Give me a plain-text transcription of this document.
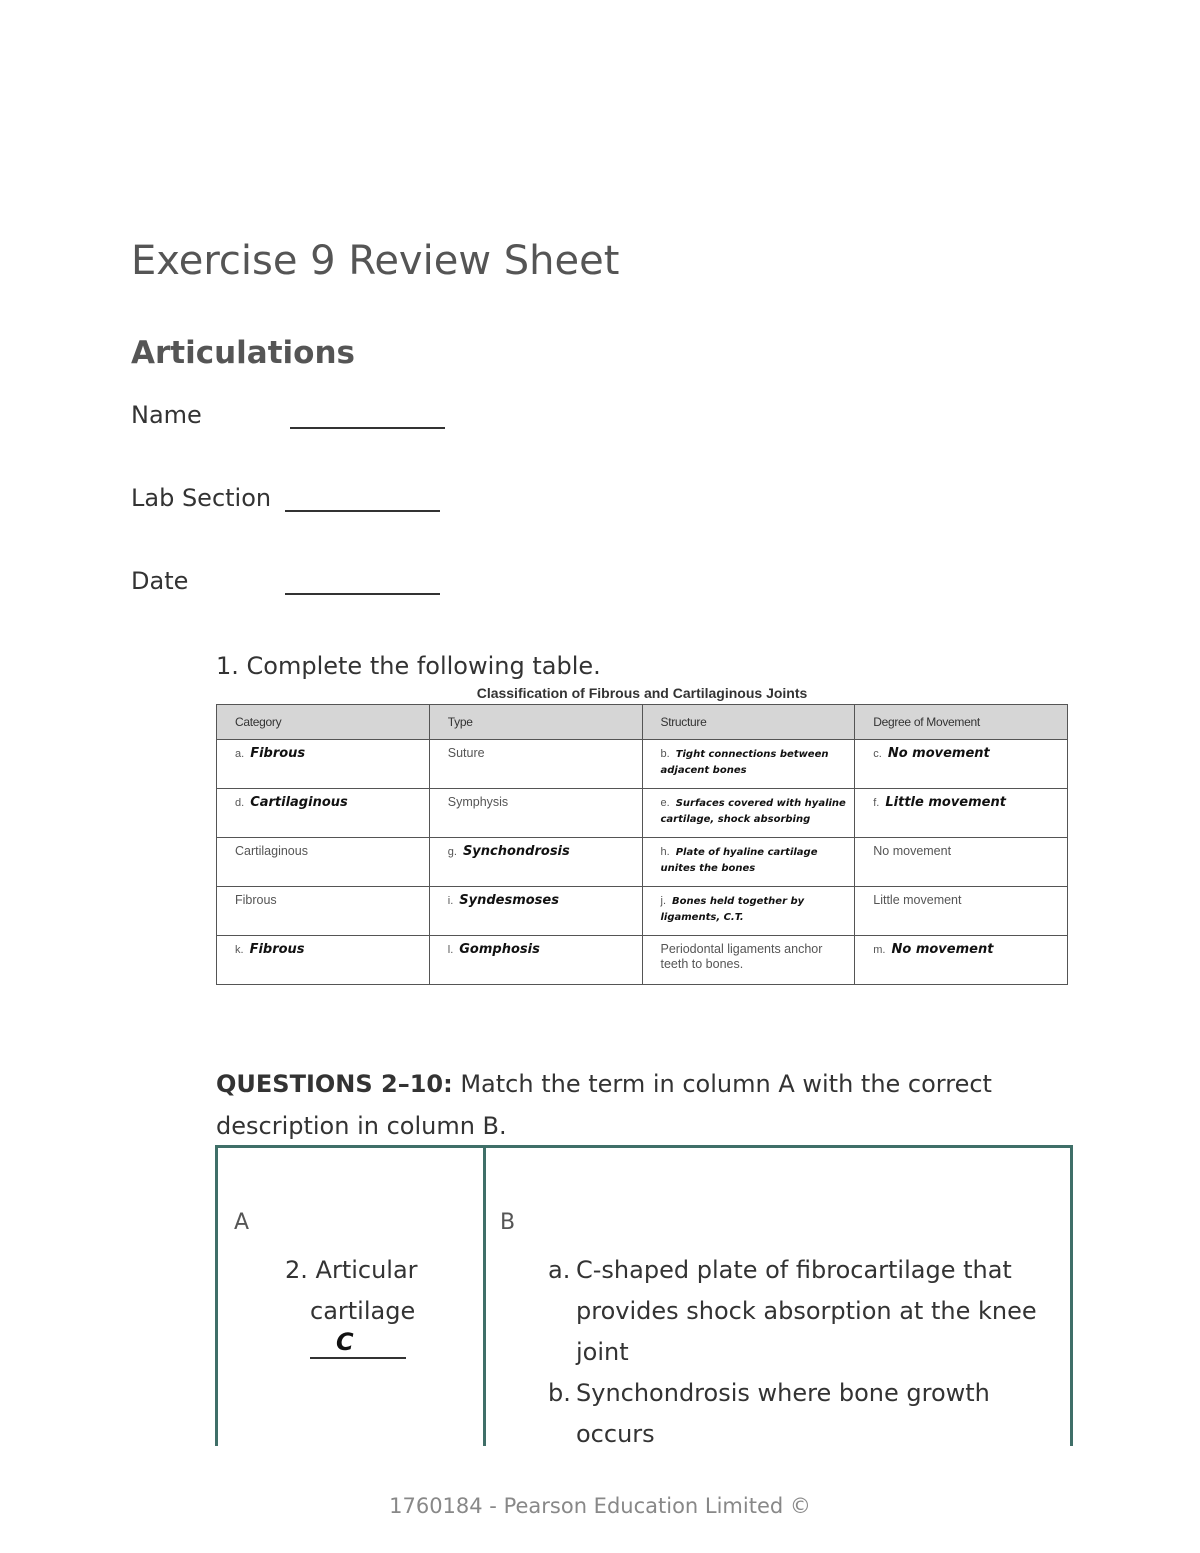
Exercise 9 Review Sheet
Articulations
Name
Lab Section
Date
1. Complete the following table.
Classification of Fibrous and Cartilaginous Joints
Category	Type	Structure	Degree of Movement
a. Fibrous	Suture	b. Tight connections between adjacent bones	c. No movement
d. Cartilaginous	Symphysis	e. Surfaces covered with hyaline cartilage, shock absorbing	f. Little movement
Cartilaginous	g. Synchondrosis	h. Plate of hyaline cartilage unites the bones	No movement
Fibrous	i. Syndesmoses	j. Bones held together by ligaments, C.T.	Little movement
k. Fibrous	l. Gomphosis	Periodontal ligaments anchor teeth to bones.	m. No movement
QUESTIONS 2–10: Match the term in column A with the correct description in column B.
A	B
2. Articular
cartilage
C
a. C-shaped plate of fibrocartilage that provides shock absorption at the knee joint
b. Synchondrosis where bone growth occurs
1760184 - Pearson Education Limited ©
